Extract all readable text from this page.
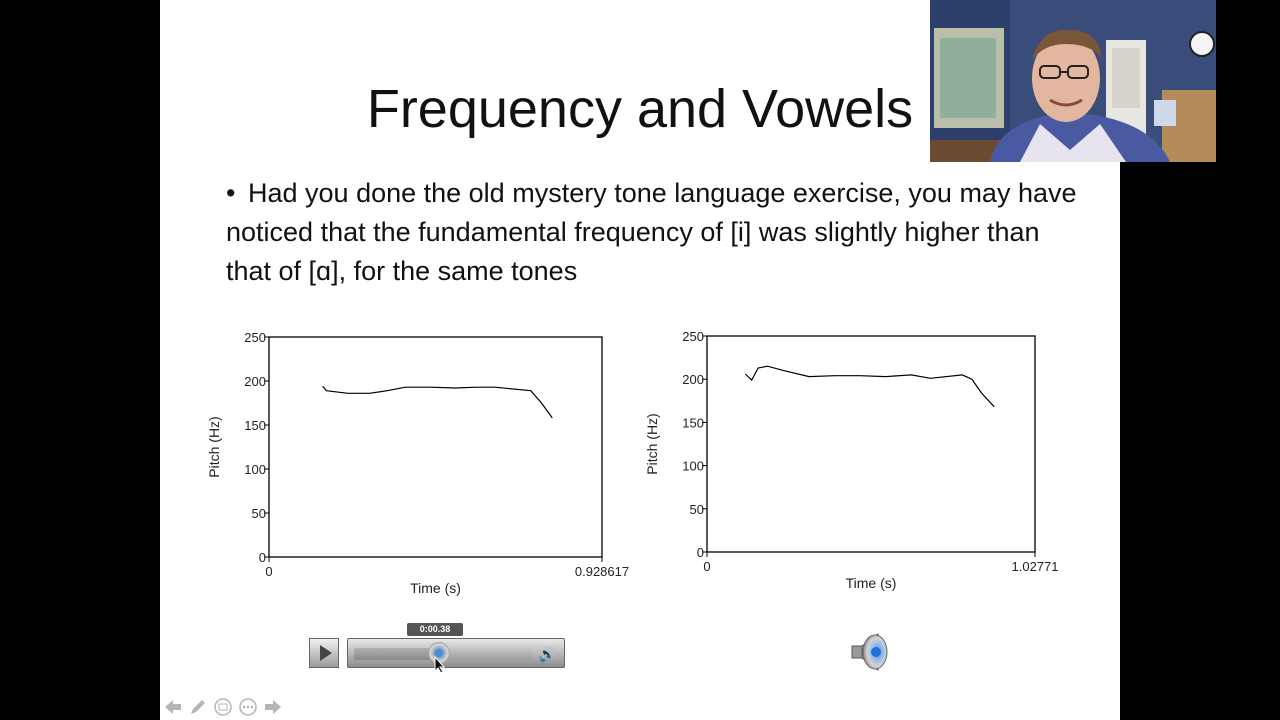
Frequency and Vowels
• Had you done the old mystery tone language exercise, you may have noticed that the fundamental frequency of [i] was slightly higher than that of [ɑ], for the same tones
0
50
100
150
200
250
0	0.928617
Time (s)
Pitch (Hz)
0
50
100
150
200
250
0	1.02771
Time (s)
Pitch (Hz)
0:00.38
🔊
